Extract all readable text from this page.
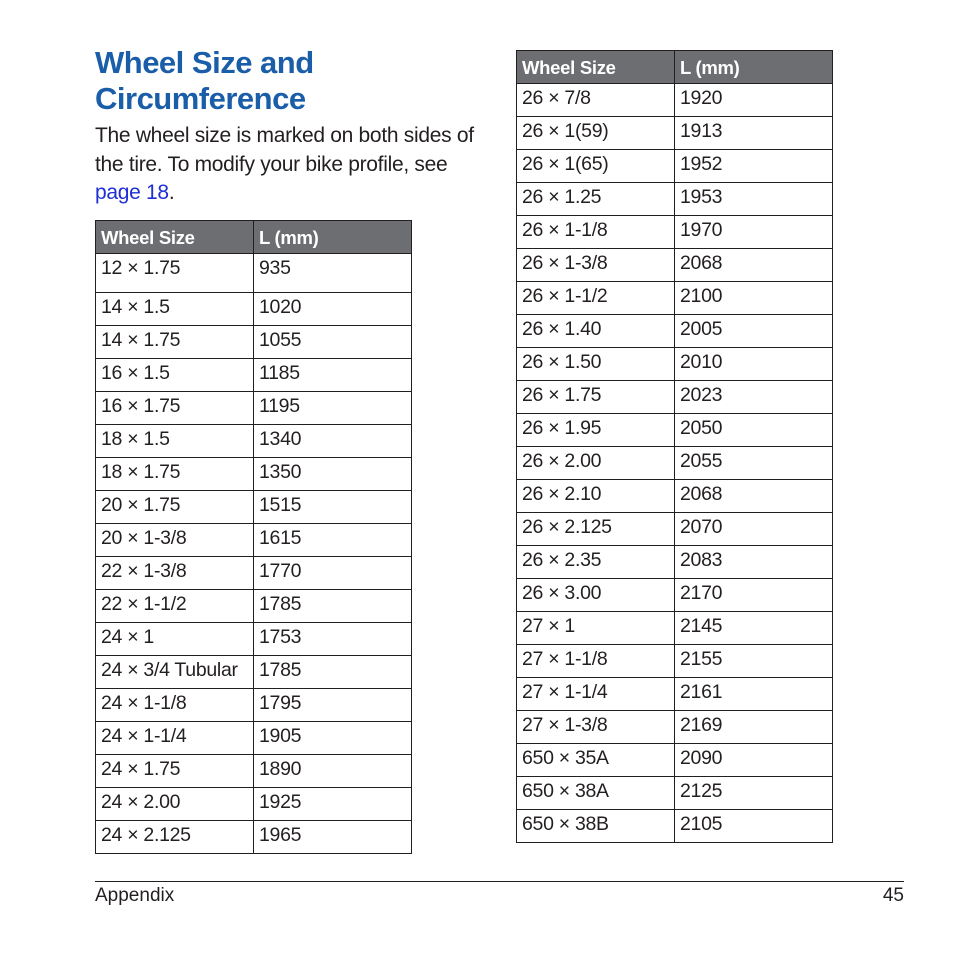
Wheel Size and
Circumference

The wheel size is marked on both sides of the tire. To modify your bike profile, see page 18.

Wheel Size	L (mm)
12 × 1.75	935
14 × 1.5	1020
14 × 1.75	1055
16 × 1.5	1185
16 × 1.75	1195
18 × 1.5	1340
18 × 1.75	1350
20 × 1.75	1515
20 × 1-3/8	1615
22 × 1-3/8	1770
22 × 1-1/2	1785
24 × 1	1753
24 × 3/4 Tubular	1785
24 × 1-1/8	1795
24 × 1-1/4	1905
24 × 1.75	1890
24 × 2.00	1925
24 × 2.125	1965
Wheel Size	L (mm)
26 × 7/8	1920
26 × 1(59)	1913
26 × 1(65)	1952
26 × 1.25	1953
26 × 1-1/8	1970
26 × 1-3/8	2068
26 × 1-1/2	2100
26 × 1.40	2005
26 × 1.50	2010
26 × 1.75	2023
26 × 1.95	2050
26 × 2.00	2055
26 × 2.10	2068
26 × 2.125	2070
26 × 2.35	2083
26 × 3.00	2170
27 × 1	2145
27 × 1-1/8	2155
27 × 1-1/4	2161
27 × 1-3/8	2169
650 × 35A	2090
650 × 38A	2125
650 × 38B	2105
Appendix	45
